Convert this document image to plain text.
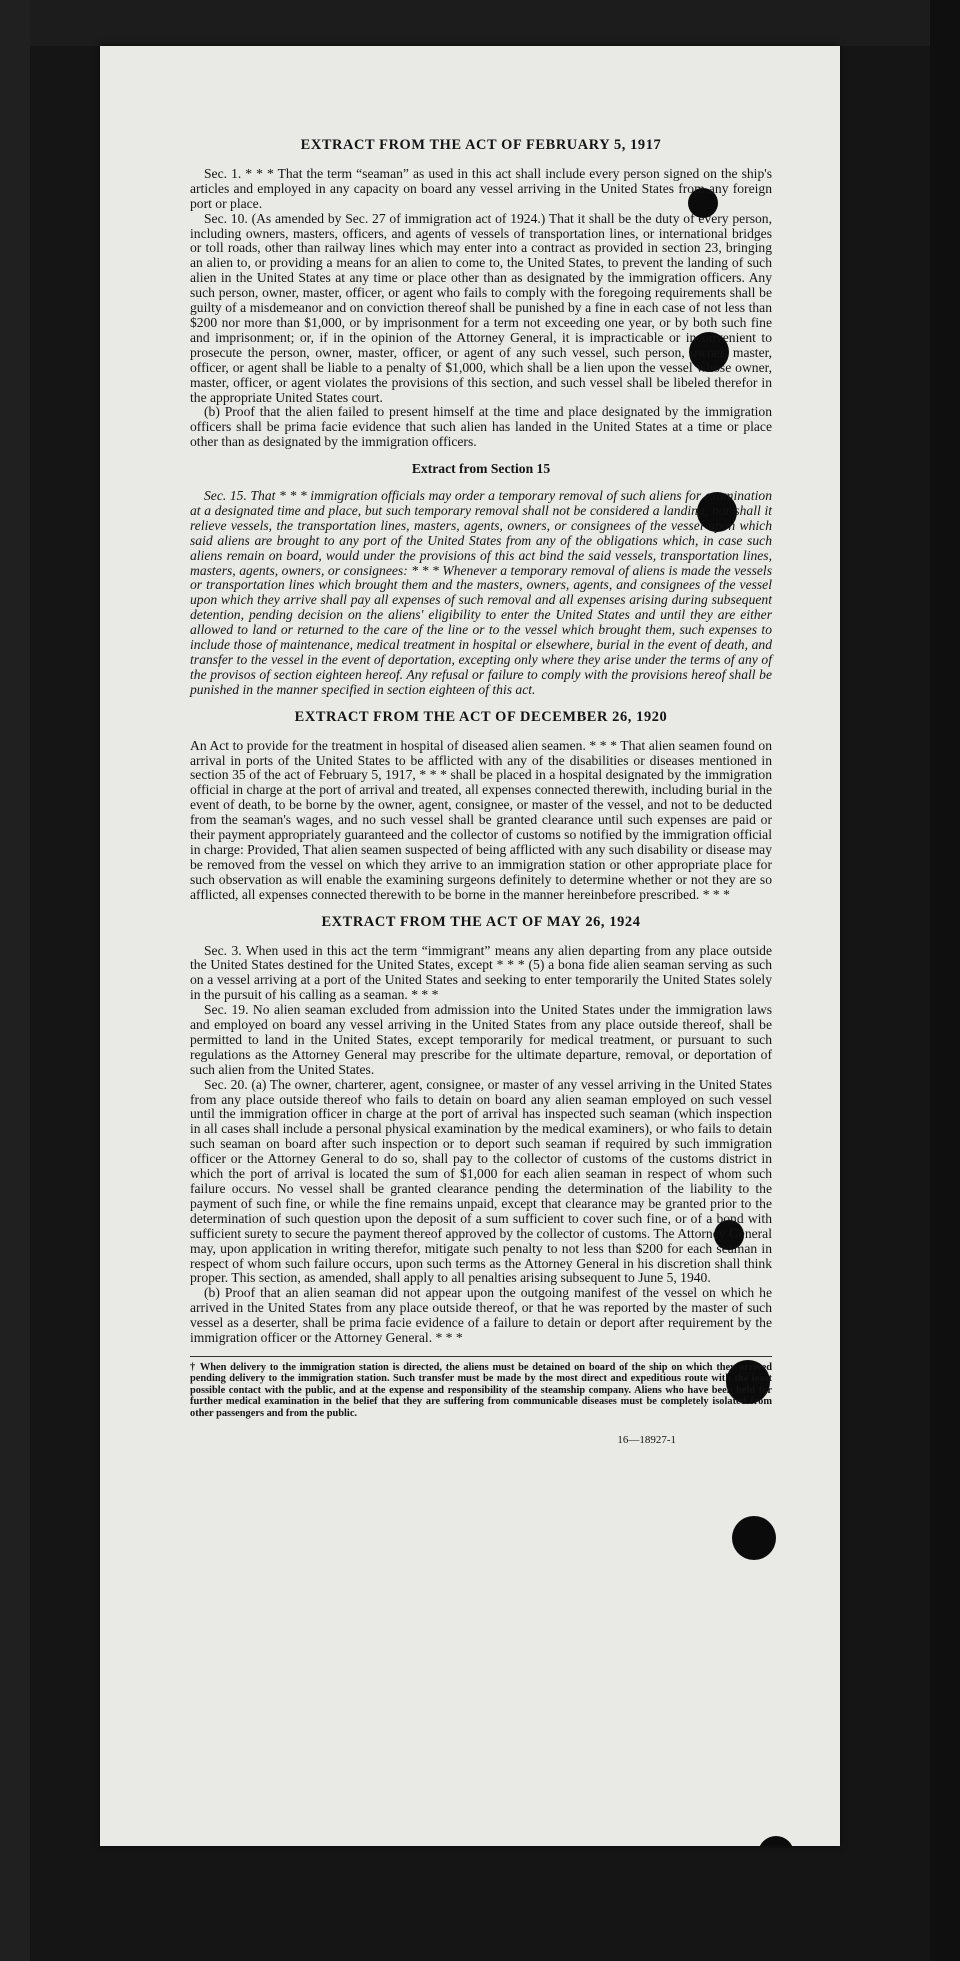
EXTRACT FROM THE ACT OF FEBRUARY 5, 1917

Sec. 1. * * * That the term “seaman” as used in this act shall include every person signed on the ship's articles and employed in any capacity on board any vessel arriving in the United States from any foreign port or place.

Sec. 10. (As amended by Sec. 27 of immigration act of 1924.) That it shall be the duty of every person, including owners, masters, officers, and agents of vessels of transportation lines, or international bridges or toll roads, other than railway lines which may enter into a contract as provided in section 23, bringing an alien to, or providing a means for an alien to come to, the United States, to prevent the landing of such alien in the United States at any time or place other than as designated by the immigration officers. Any such person, owner, master, officer, or agent who fails to comply with the foregoing requirements shall be guilty of a misdemeanor and on conviction thereof shall be punished by a fine in each case of not less than $200 nor more than $1,000, or by imprisonment for a term not exceeding one year, or by both such fine and imprisonment; or, if in the opinion of the Attorney General, it is impracticable or inconvenient to prosecute the person, owner, master, officer, or agent of any such vessel, such person, owner, master, officer, or agent shall be liable to a penalty of $1,000, which shall be a lien upon the vessel whose owner, master, officer, or agent violates the provisions of this section, and such vessel shall be libeled therefor in the appropriate United States court.

(b) Proof that the alien failed to present himself at the time and place designated by the immigration officers shall be prima facie evidence that such alien has landed in the United States at a time or place other than as designated by the immigration officers.

Extract from Section 15

Sec. 15. That * * * immigration officials may order a temporary removal of such aliens for examination at a designated time and place, but such temporary removal shall not be considered a landing, nor shall it relieve vessels, the transportation lines, masters, agents, owners, or consignees of the vessel upon which said aliens are brought to any port of the United States from any of the obligations which, in case such aliens remain on board, would under the provisions of this act bind the said vessels, transportation lines, masters, agents, owners, or consignees: * * * Whenever a temporary removal of aliens is made the vessels or transportation lines which brought them and the masters, owners, agents, and consignees of the vessel upon which they arrive shall pay all expenses of such removal and all expenses arising during subsequent detention, pending decision on the aliens' eligibility to enter the United States and until they are either allowed to land or returned to the care of the line or to the vessel which brought them, such expenses to include those of maintenance, medical treatment in hospital or elsewhere, burial in the event of death, and transfer to the vessel in the event of deportation, excepting only where they arise under the terms of any of the provisos of section eighteen hereof. Any refusal or failure to comply with the provisions hereof shall be punished in the manner specified in section eighteen of this act.

EXTRACT FROM THE ACT OF DECEMBER 26, 1920

An Act to provide for the treatment in hospital of diseased alien seamen. * * * That alien seamen found on arrival in ports of the United States to be afflicted with any of the disabilities or diseases mentioned in section 35 of the act of February 5, 1917, * * * shall be placed in a hospital designated by the immigration official in charge at the port of arrival and treated, all expenses connected therewith, including burial in the event of death, to be borne by the owner, agent, consignee, or master of the vessel, and not to be deducted from the seaman's wages, and no such vessel shall be granted clearance until such expenses are paid or their payment appropriately guaranteed and the collector of customs so notified by the immigration official in charge: Provided, That alien seamen suspected of being afflicted with any such disability or disease may be removed from the vessel on which they arrive to an immigration station or other appropriate place for such observation as will enable the examining surgeons definitely to determine whether or not they are so afflicted, all expenses connected therewith to be borne in the manner hereinbefore prescribed. * * *

EXTRACT FROM THE ACT OF MAY 26, 1924

Sec. 3. When used in this act the term “immigrant” means any alien departing from any place outside the United States destined for the United States, except * * * (5) a bona fide alien seaman serving as such on a vessel arriving at a port of the United States and seeking to enter temporarily the United States solely in the pursuit of his calling as a seaman. * * *

Sec. 19. No alien seaman excluded from admission into the United States under the immigration laws and employed on board any vessel arriving in the United States from any place outside thereof, shall be permitted to land in the United States, except temporarily for medical treatment, or pursuant to such regulations as the Attorney General may prescribe for the ultimate departure, removal, or deportation of such alien from the United States.

Sec. 20. (a) The owner, charterer, agent, consignee, or master of any vessel arriving in the United States from any place outside thereof who fails to detain on board any alien seaman employed on such vessel until the immigration officer in charge at the port of arrival has inspected such seaman (which inspection in all cases shall include a personal physical examination by the medical examiners), or who fails to detain such seaman on board after such inspection or to deport such seaman if required by such immigration officer or the Attorney General to do so, shall pay to the collector of customs of the customs district in which the port of arrival is located the sum of $1,000 for each alien seaman in respect of whom such failure occurs. No vessel shall be granted clearance pending the determination of the liability to the payment of such fine, or while the fine remains unpaid, except that clearance may be granted prior to the determination of such question upon the deposit of a sum sufficient to cover such fine, or of a bond with sufficient surety to secure the payment thereof approved by the collector of customs. The Attorney General may, upon application in writing therefor, mitigate such penalty to not less than $200 for each seaman in respect of whom such failure occurs, upon such terms as the Attorney General in his discretion shall think proper. This section, as amended, shall apply to all penalties arising subsequent to June 5, 1940.

(b) Proof that an alien seaman did not appear upon the outgoing manifest of the vessel on which he arrived in the United States from any place outside thereof, or that he was reported by the master of such vessel as a deserter, shall be prima facie evidence of a failure to detain or deport after requirement by the immigration officer or the Attorney General. * * *

† When delivery to the immigration station is directed, the aliens must be detained on board of the ship on which they arrived pending delivery to the immigration station. Such transfer must be made by the most direct and expeditious route with the least possible contact with the public, and at the expense and responsibility of the steamship company. Aliens who have been held for further medical examination in the belief that they are suffering from communicable diseases must be completely isolated from other passengers and from the public.
16—18927-1
